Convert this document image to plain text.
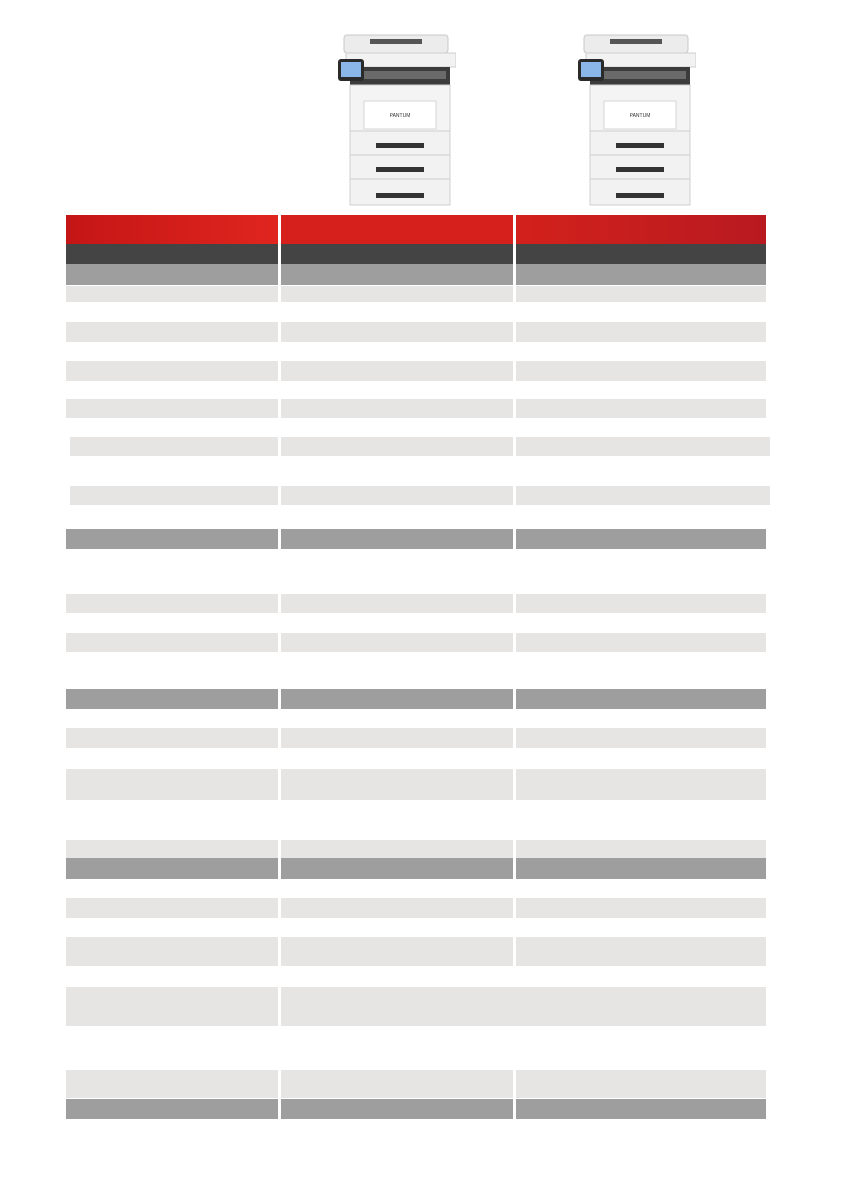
PANTUM	PANTUM
